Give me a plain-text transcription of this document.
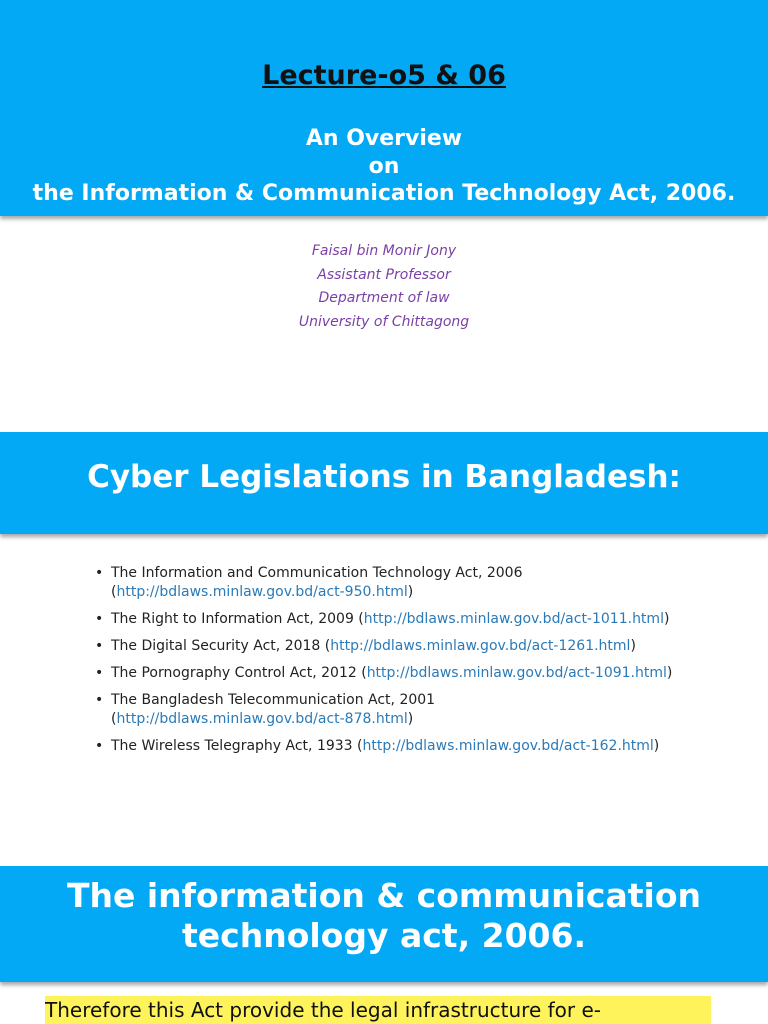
Lecture-o5 & 06
An Overview
on
the Information & Communication Technology Act, 2006.
Faisal bin Monir Jony
Assistant Professor
Department of law
University of Chittagong
Cyber Legislations in Bangladesh:
• The Information and Communication Technology Act, 2006
(http://bdlaws.minlaw.gov.bd/act-950.html)
• The Right to Information Act, 2009 (http://bdlaws.minlaw.gov.bd/act-1011.html)
• The Digital Security Act, 2018 (http://bdlaws.minlaw.gov.bd/act-1261.html)
• The Pornography Control Act, 2012 (http://bdlaws.minlaw.gov.bd/act-1091.html)
• The Bangladesh Telecommunication Act, 2001
(http://bdlaws.minlaw.gov.bd/act-878.html)
• The Wireless Telegraphy Act, 1933 (http://bdlaws.minlaw.gov.bd/act-162.html)
The information & communication
technology act, 2006.
Therefore this Act provide the legal infrastructure for e-
